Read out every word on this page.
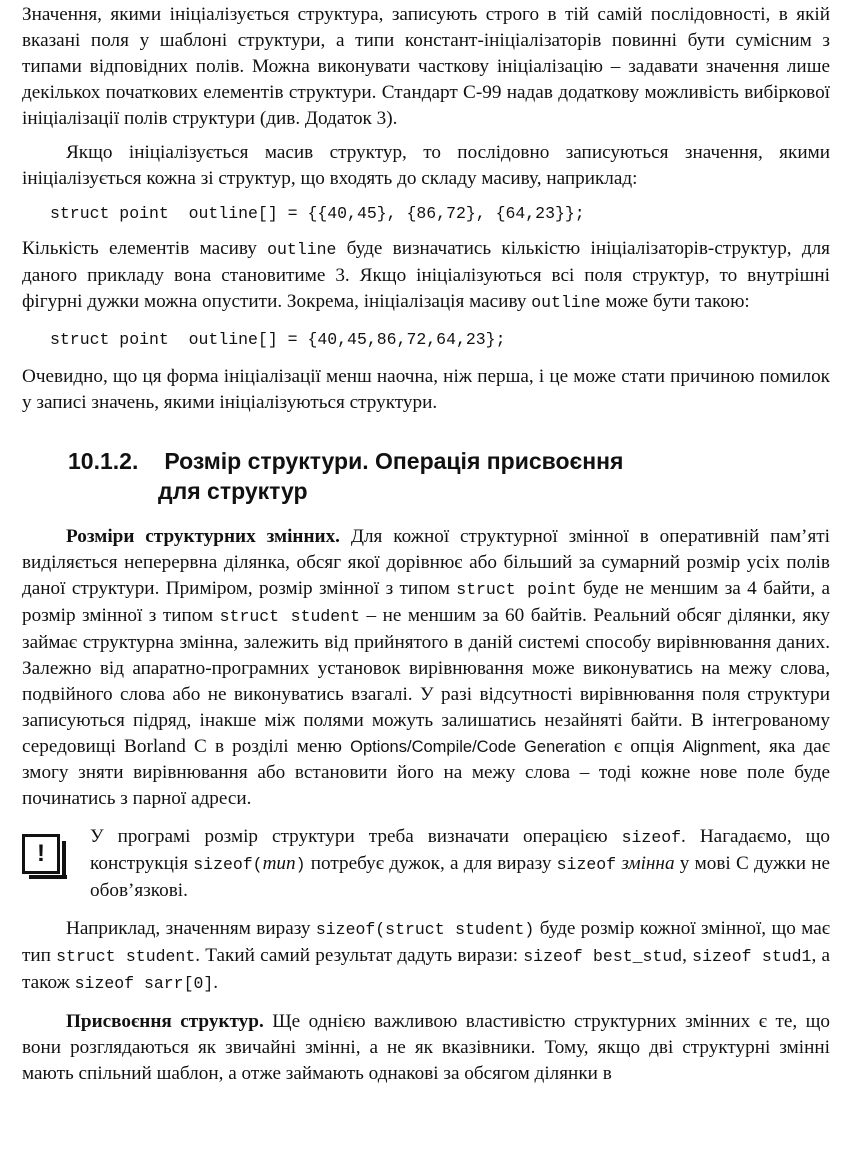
Значення, якими ініціалізується структура, записують строго в тій самій послідовності, в якій вказані поля у шаблоні структури, а типи констант-ініціалізаторів повинні бути сумісним з типами відповідних полів. Можна виконувати часткову ініціалізацію – задавати значення лише декількох початкових елементів структури. Стандарт С-99 надав додаткову можливість вибіркової ініціалізації полів структури (див. Додаток 3).

Якщо ініціалізується масив структур, то послідовно записуються значення, якими ініціалізується кожна зі структур, що входять до складу масиву, наприклад:

struct point  outline[] = {{40,45}, {86,72}, {64,23}};

Кількість елементів масиву outline буде визначатись кількістю ініціалізаторів-структур, для даного прикладу вона становитиме 3. Якщо ініціалізуються всі поля структур, то внутрішні фігурні дужки можна опустити. Зокрема, ініціалізація масиву outline може бути такою:

struct point  outline[] = {40,45,86,72,64,23};

Очевидно, що ця форма ініціалізації менш наочна, ніж перша, і це може стати причиною помилок у записі значень, якими ініціалізуються структури.

10.1.2. Розмір структури. Операція присвоєння
для структур

Розміри структурних змінних. Для кожної структурної змінної в оперативній пам’яті виділяється неперервна ділянка, обсяг якої дорівнює або більший за сумарний розмір усіх полів даної структури. Приміром, розмір змінної з типом struct point буде не меншим за 4 байти, а розмір змінної з типом struct student – не меншим за 60 байтів. Реальний обсяг ділянки, яку займає структурна змінна, залежить від прийнятого в даній системі способу вирівнювання даних. Залежно від апаратно-програмних установок вирівнювання може виконуватись на межу слова, подвійного слова або не виконуватись взагалі. У разі відсутності вирівнювання поля структури записуються підряд, інакше між полями можуть залишатись незайняті байти. В інтегрованому середовищі Borland C в розділі меню Options/Compile/Code Generation є опція Alignment, яка дає змогу зняти вирівнювання або встановити його на межу слова – тоді кожне нове поле буде починатись з парної адреси.

!

У програмі розмір структури треба визначати операцією sizeof. Нагадаємо, що конструкція sizeof(тип) потребує дужок, а для виразу sizeof змінна у мові С дужки не обов’язкові.

Наприклад, значенням виразу sizeof(struct student) буде розмір кожної змінної, що має тип struct student. Такий самий результат дадуть вирази: sizeof best_stud, sizeof stud1, а також sizeof sarr[0].

Присвоєння структур. Ще однією важливою властивістю структурних змінних є те, що вони розглядаються як звичайні змінні, а не як вказівники. Тому, якщо дві структурні змінні мають спільний шаблон, а отже займають однакові за обсягом ділянки в
